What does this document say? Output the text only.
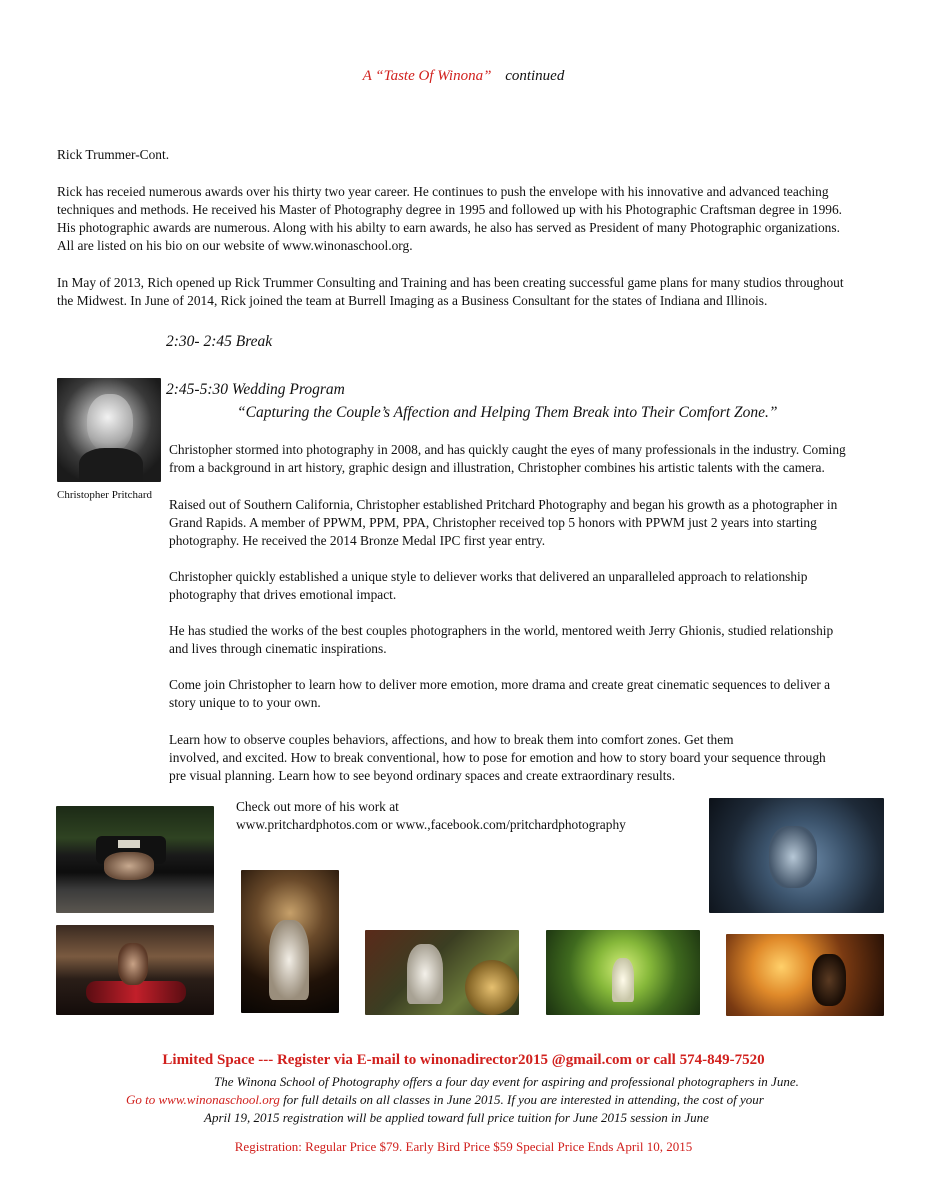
A “Taste Of Winona” continued
Rick Trummer-Cont.
Rick has receied numerous awards over his thirty two year career. He continues to push the envelope with his innovative and advanced teaching
techniques and methods. He received his Master of Photography degree in 1995 and followed up with his Photographic Craftsman degree in 1996.
His photographic awards are numerous. Along with his abilty to earn awards, he also has served as President of many Photographic organizations.
All are listed on his bio on our website of www.winonaschool.org.
In May of 2013, Rich opened up Rick Trummer Consulting and Training and has been creating successful game plans for many studios throughout
the Midwest. In June of 2014, Rick joined the team at Burrell Imaging as a Business Consultant for the states of Indiana and Illinois.
2:30- 2:45 Break
Christopher Pritchard
2:45-5:30 Wedding Program
“Capturing the Couple’s Affection and Helping Them Break into Their Comfort Zone.”
Christopher stormed into photography in 2008, and has quickly caught the eyes of many professionals in the industry. Coming
from a background in art history, graphic design and illustration, Christopher combines his artistic talents with the camera.
Raised out of Southern California, Christopher established Pritchard Photography and began his growth as a photographer in
Grand Rapids. A member of PPWM, PPM, PPA, Christopher received top 5 honors with PPWM just 2 years into starting
photography. He received the 2014 Bronze Medal IPC first year entry.
Christopher quickly established a unique style to deliever works that delivered an unparalleled approach to relationship
photography that drives emotional impact.
He has studied the works of the best couples photographers in the world, mentored weith Jerry Ghionis, studied relationship
and lives through cinematic inspirations.
Come join Christopher to learn how to deliver more emotion, more drama and create great cinematic sequences to deliver a
story unique to to your own.
Learn how to observe couples behaviors, affections, and how to break them into comfort zones. Get them
involved, and excited. How to break conventional, how to pose for emotion and how to story board your sequence through
pre visual planning. Learn how to see beyond ordinary spaces and create extraordinary results.
Check out more of his work at
www.pritchardphotos.com or www.,facebook.com/pritchardphotography
Limited Space --- Register via E-mail to winonadirector2015 @gmail.com or call 574-849-7520
The Winona School of Photography offers a four day event for aspiring and professional photographers in June.
Go to www.winonaschool.org for full details on all classes in June 2015. If you are interested in attending, the cost of your
April 19, 2015 registration will be applied toward full price tuition for June 2015 session in June
Registration: Regular Price $79. Early Bird Price $59 Special Price Ends April 10, 2015
